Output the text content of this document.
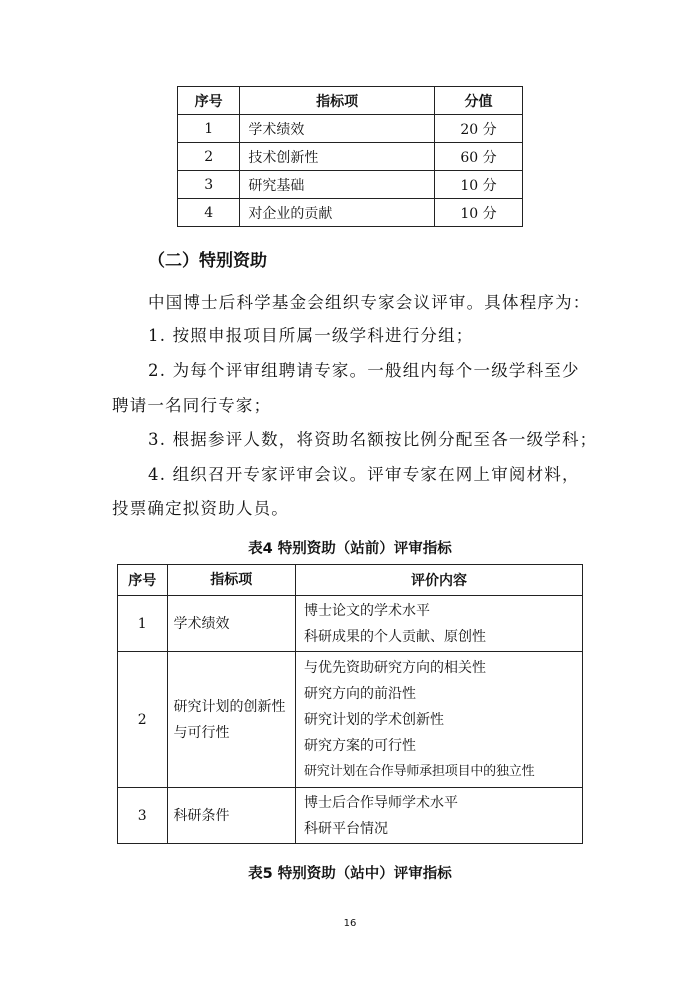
序号	指标项	分值
1	学术绩效	20 分
2	技术创新性	60 分
3	研究基础	10 分
4	对企业的贡献	10 分
（二）特别资助
中国博士后科学基金会组织专家会议评审。具体程序为：
1. 按照申报项目所属一级学科进行分组；
2. 为每个评审组聘请专家。一般组内每个一级学科至少
聘请一名同行专家；
3. 根据参评人数，将资助名额按比例分配至各一级学科；
4. 组织召开专家评审会议。评审专家在网上审阅材料，
投票确定拟资助人员。
表4 特别资助（站前）评审指标
序号	指标项	评价内容
1	学术绩效	博士论文的学术水平
科研成果的个人贡献、原创性

2	研究计划的创新性与可行性	与优先资助研究方向的相关性
研究方向的前沿性
研究计划的学术创新性
研究方案的可行性
研究计划在合作导师承担项目中的独立性

3	科研条件	博士后合作导师学术水平
科研平台情况
表5 特别资助（站中）评审指标
16
